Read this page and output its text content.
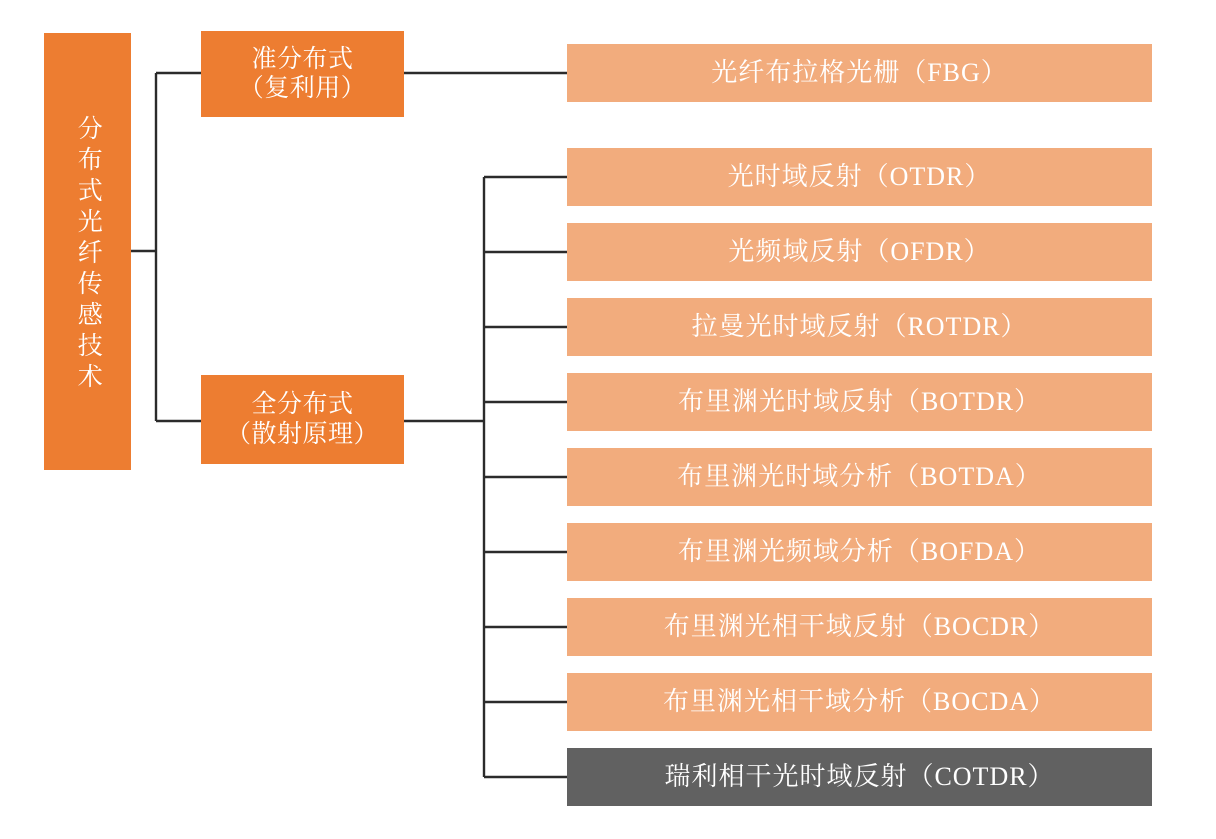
分布式光纤传感技术
准分布式
（复利用）
全分布式
（散射原理）
光纤布拉格光栅（FBG）
光时域反射（OTDR）
光频域反射（OFDR）
拉曼光时域反射（ROTDR）
布里渊光时域反射（BOTDR）
布里渊光时域分析（BOTDA）
布里渊光频域分析（BOFDA）
布里渊光相干域反射（BOCDR）
布里渊光相干域分析（BOCDA）
瑞利相干光时域反射（COTDR）
